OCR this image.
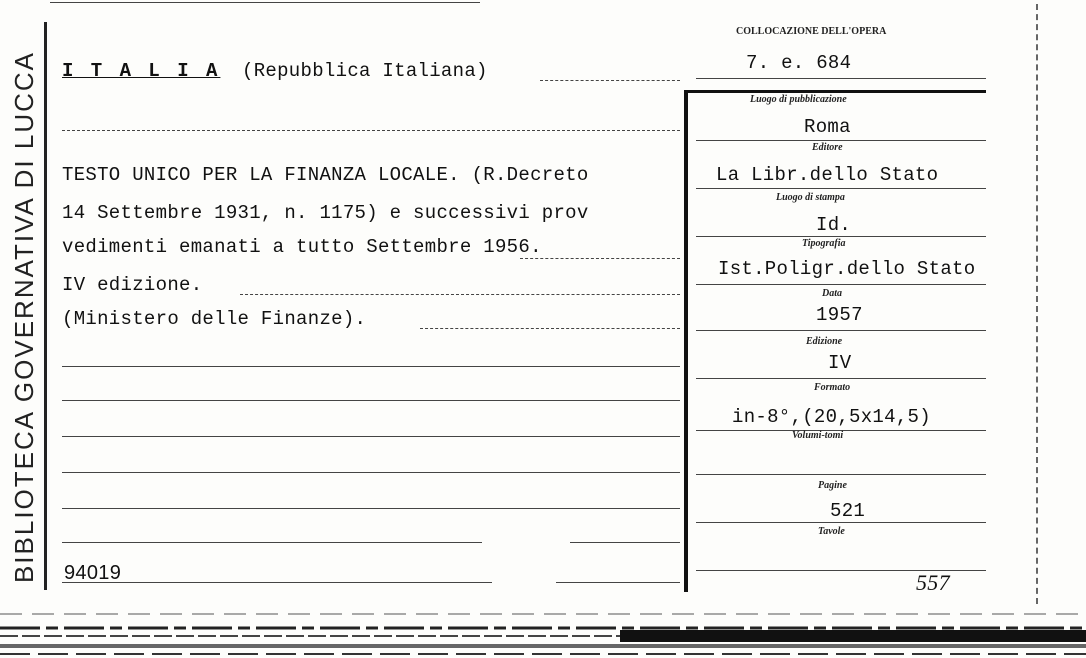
BIBLIOTECA GOVERNATIVA DI LUCCA
COLLOCAZIONE DELL'OPERA
7. e. 684
I T A L I A (Repubblica Italiana)
TESTO UNICO PER LA FINANZA LOCALE. (R.Decreto
14 Settembre 1931, n. 1175) e successivi prov
vedimenti emanati a tutto Settembre 1956.
IV edizione.
(Ministero delle Finanze).
94019
Luogo di pubblicazione
Roma
Editore
La Libr.dello Stato
Luogo di stampa
Id.
Tipografia
Ist.Poligr.dello Stato
Data
1957
Edizione
IV
Formato
in-8°,(20,5x14,5)
Volumi-tomi
Pagine
521
Tavole
557
